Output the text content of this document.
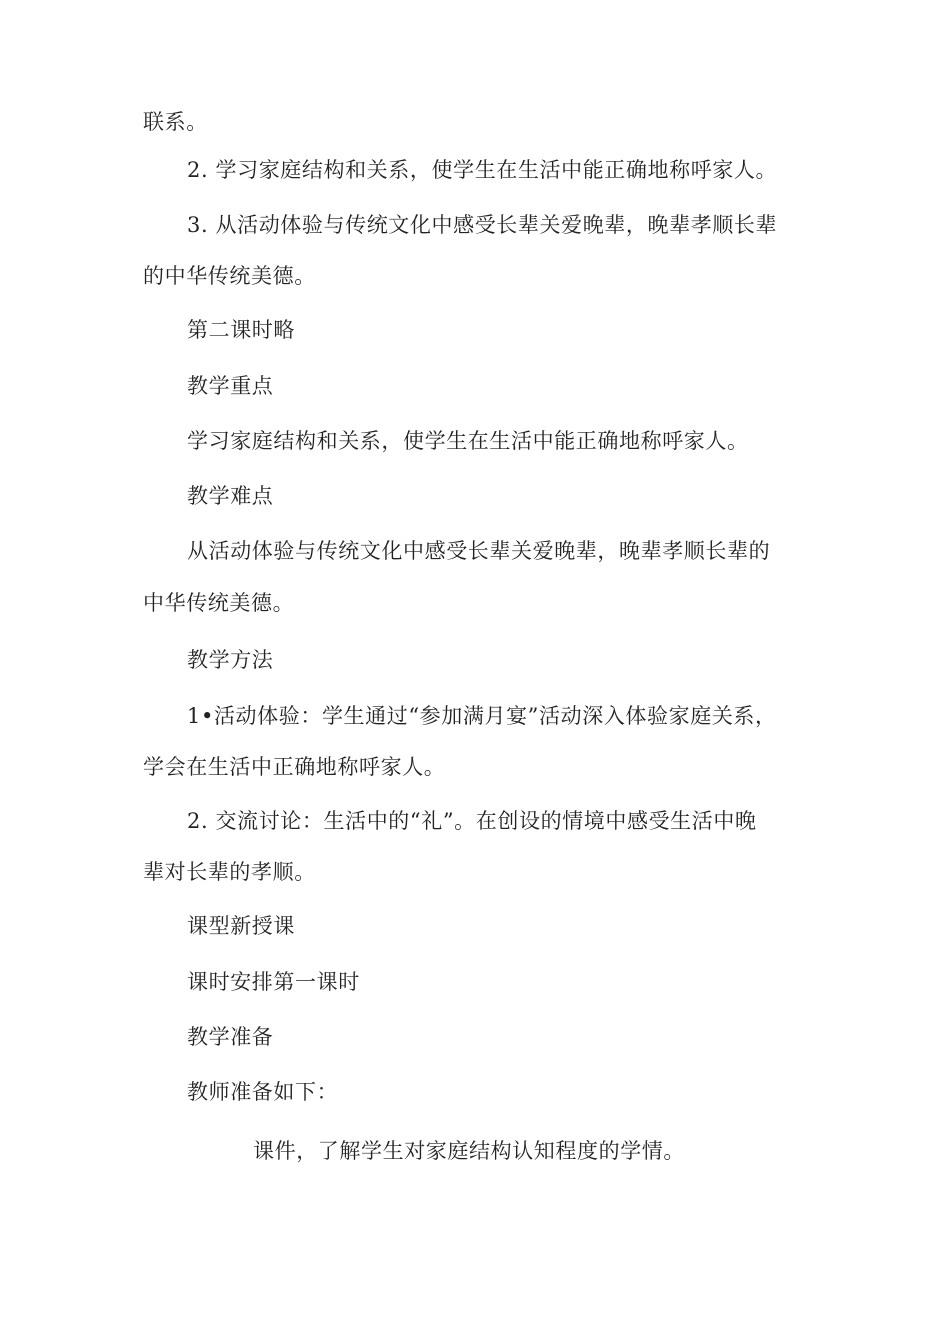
联系。
2. 学习家庭结构和关系，使学生在生活中能正确地称呼家人。
3. 从活动体验与传统文化中感受长辈关爱晚辈，晚辈孝顺长辈
的中华传统美德。
第二课时略
教学重点
学习家庭结构和关系，使学生在生活中能正确地称呼家人。
教学难点
从活动体验与传统文化中感受长辈关爱晚辈，晚辈孝顺长辈的
中华传统美德。
教学方法
1•活动体验：学生通过“参加满月宴”活动深入体验家庭关系，
学会在生活中正确地称呼家人。
2. 交流讨论：生活中的“礼”。在创设的情境中感受生活中晚
辈对长辈的孝顺。
课型新授课
课时安排第一课时
教学准备
教师准备如下：
课件，了解学生对家庭结构认知程度的学情。
